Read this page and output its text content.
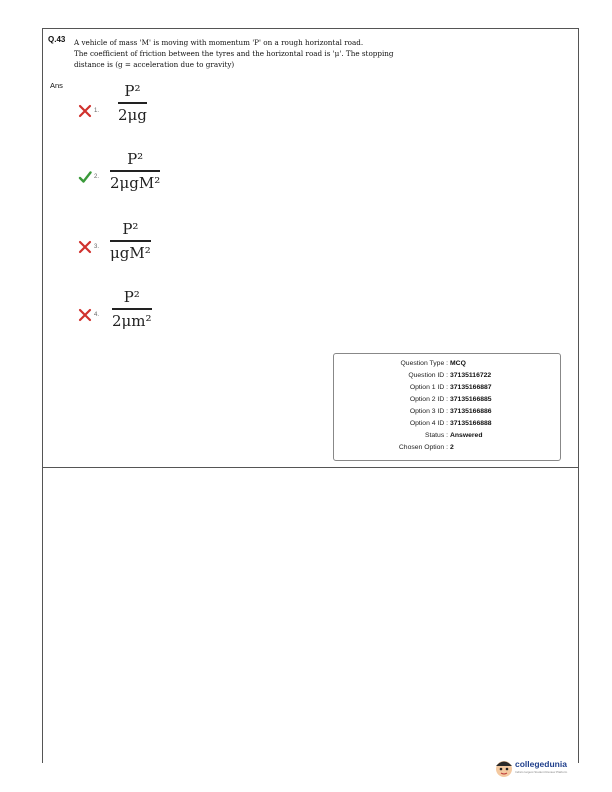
Q.43 A vehicle of mass 'M' is moving with momentum 'P' on a rough horizontal road.

The coefficient of friction between the tyres and the horizontal road is 'μ'. The stopping

distance is (g = acceleration due to gravity)

Ans
1.
P²
2μg
2.
P²
2μgM²
3.
P²
μgM²
4.
P²
2μm²
Question Type : MCQ
Question ID : 37135116722
Option 1 ID : 37135166887
Option 2 ID : 37135166885
Option 3 ID : 37135166886
Option 4 ID : 37135166888
Status : Answered
Chosen Option : 2
collegedunia
India's largest Student Review Platform
